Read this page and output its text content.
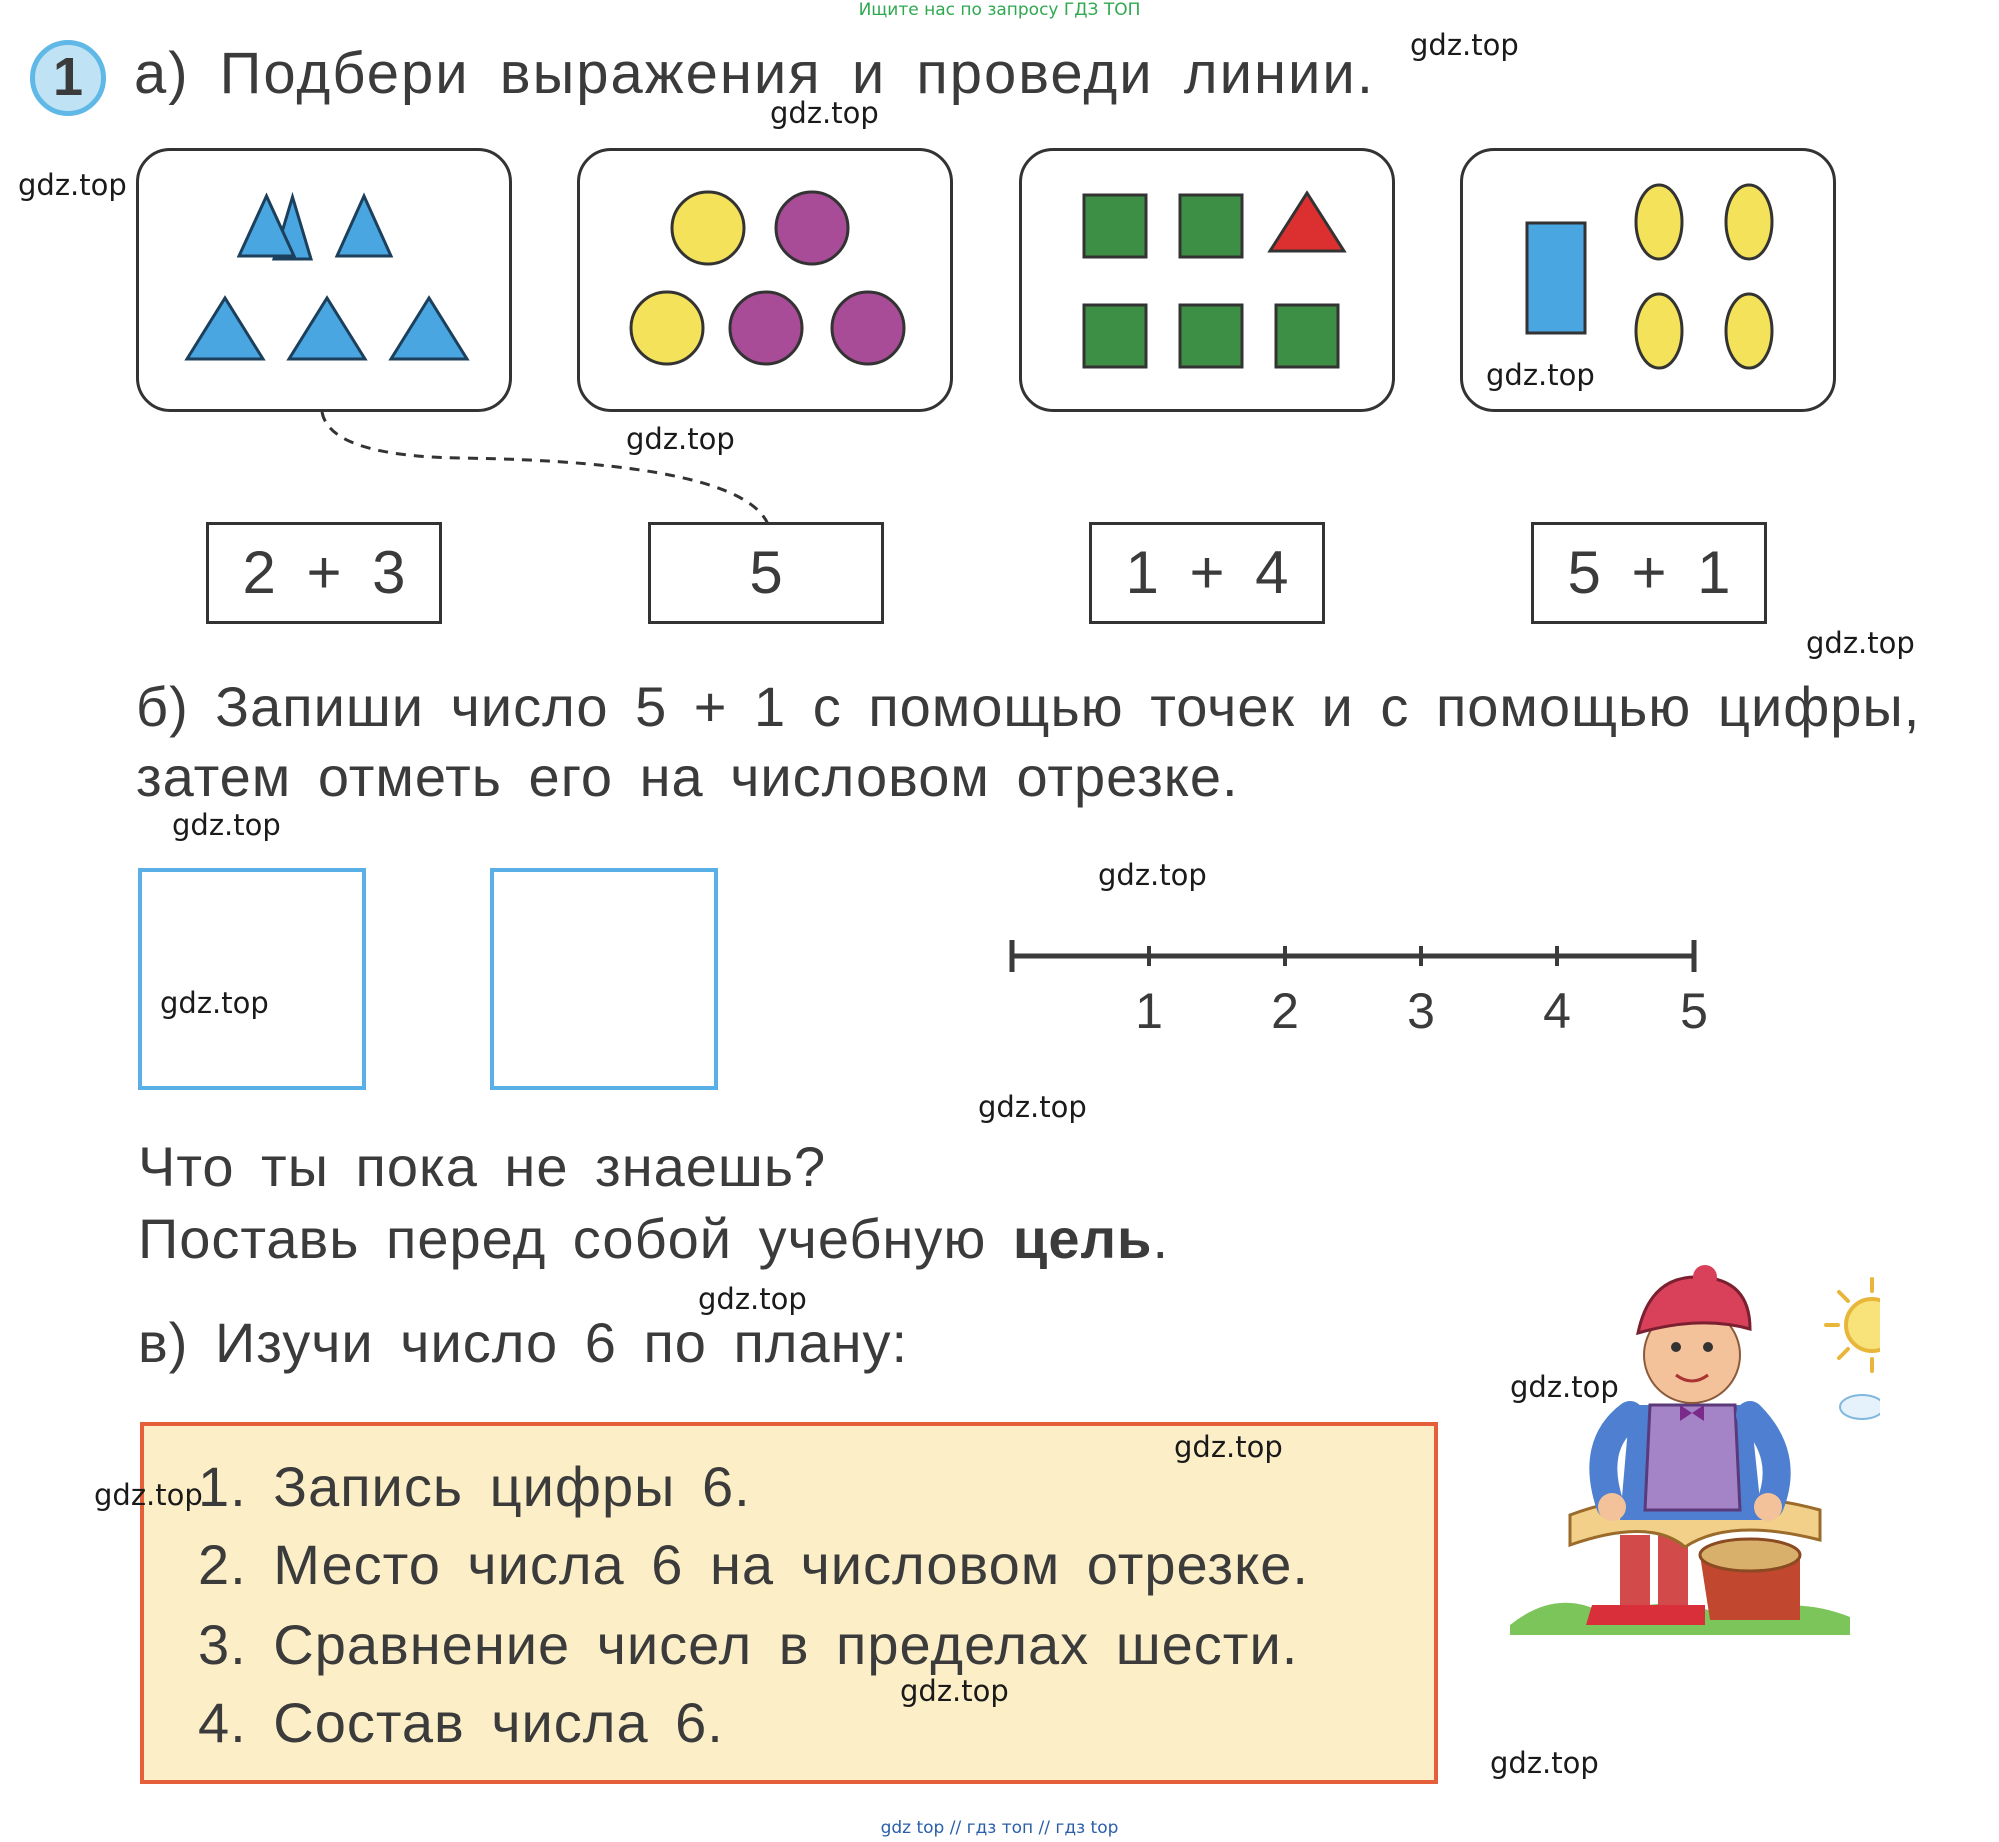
Ищите нас по запросу ГДЗ ТОП
1 а) Подбери выражения и проведи линии.
2 + 3	5	1 + 4	5 + 1
б) Запиши число 5 + 1 с помощью точек и с помощью цифры,
затем отметь его на числовом отрезке.
1	2	3	4	5
Что ты пока не знаешь?
Поставь перед собой учебную цель.
в) Изучи число 6 по плану:
1. Запись цифры 6.
2. Место числа 6 на числовом отрезке.
3. Сравнение чисел в пределах шести.
4. Состав числа 6.
gdz.top
gdz.top
gdz.top
gdz.top
gdz.top
gdz.top
gdz.top
gdz.top
gdz.top
gdz.top
gdz.top
gdz.top
gdz.top
gdz.top
gdz.top
gdz.top
gdz top // гдз топ // гдз top
